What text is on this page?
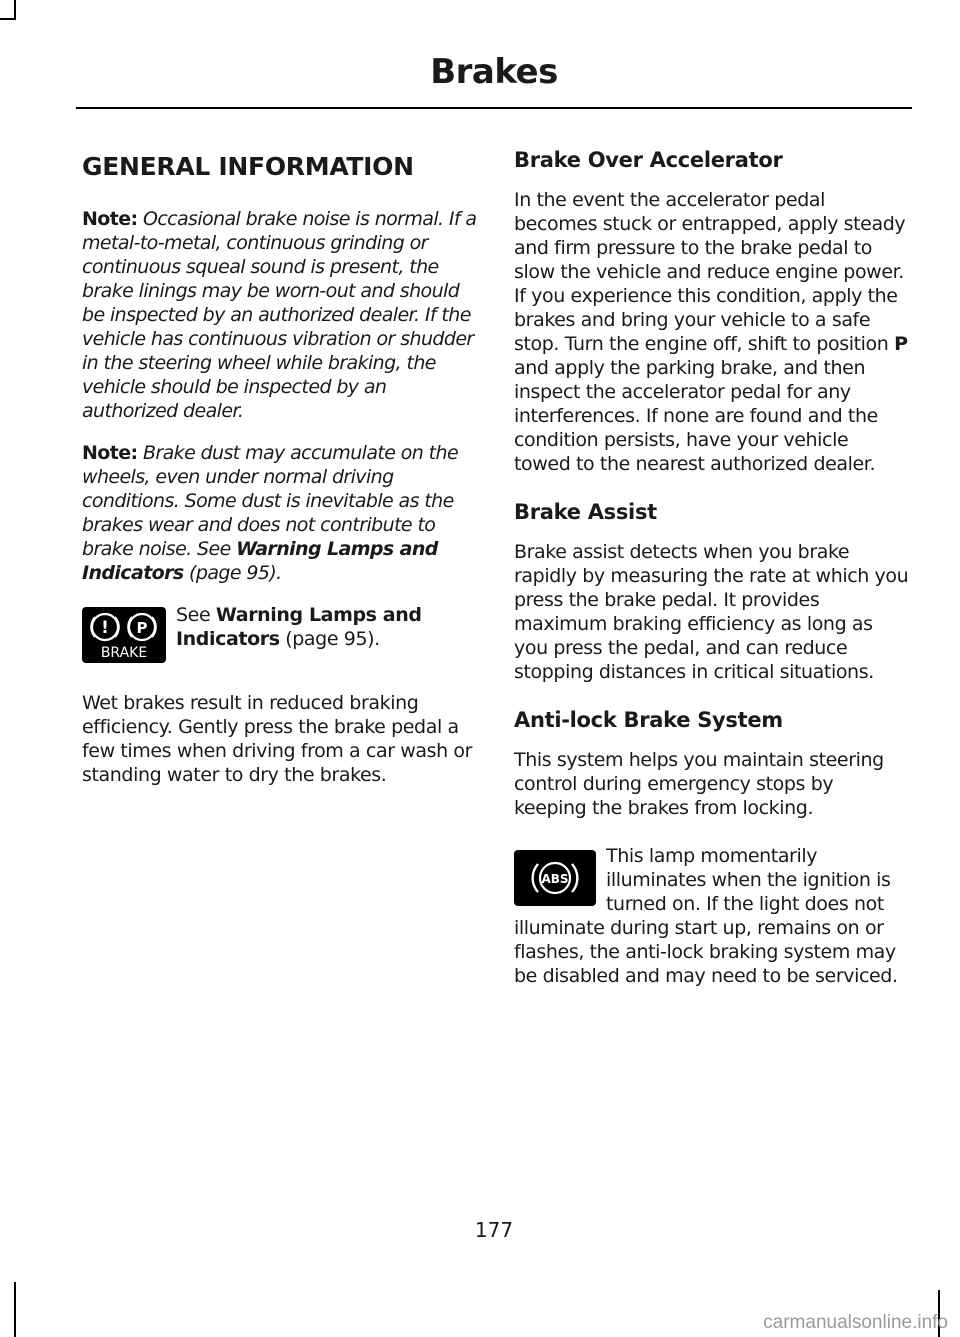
Brakes
GENERAL INFORMATION

Note: Occasional brake noise is normal. If a metal-to-metal, continuous grinding or continuous squeal sound is present, the brake linings may be worn-out and should be inspected by an authorized dealer. If the vehicle has continuous vibration or shudder in the steering wheel while braking, the vehicle should be inspected by an authorized dealer.

Note: Brake dust may accumulate on the wheels, even under normal driving conditions. Some dust is inevitable as the brakes wear and does not contribute to brake noise. See Warning Lamps and Indicators (page 95).

! P
BRAKE

See Warning Lamps and Indicators (page 95).

Wet brakes result in reduced braking efficiency. Gently press the brake pedal a few times when driving from a car wash or standing water to dry the brakes.

Brake Over Accelerator

In the event the accelerator pedal becomes stuck or entrapped, apply steady and firm pressure to the brake pedal to slow the vehicle and reduce engine power. If you experience this condition, apply the brakes and bring your vehicle to a safe stop. Turn the engine off, shift to position P and apply the parking brake, and then inspect the accelerator pedal for any interferences. If none are found and the condition persists, have your vehicle towed to the nearest authorized dealer.

Brake Assist

Brake assist detects when you brake rapidly by measuring the rate at which you press the brake pedal. It provides maximum braking efficiency as long as you press the pedal, and can reduce stopping distances in critical situations.

Anti-lock Brake System

This system helps you maintain steering control during emergency stops by keeping the brakes from locking.

ABS

This lamp momentarily illuminates when the ignition is turned on. If the light does not illuminate during start up, remains on or flashes, the anti-lock braking system may be disabled and may need to be serviced.

177
carmanualsonline.info
